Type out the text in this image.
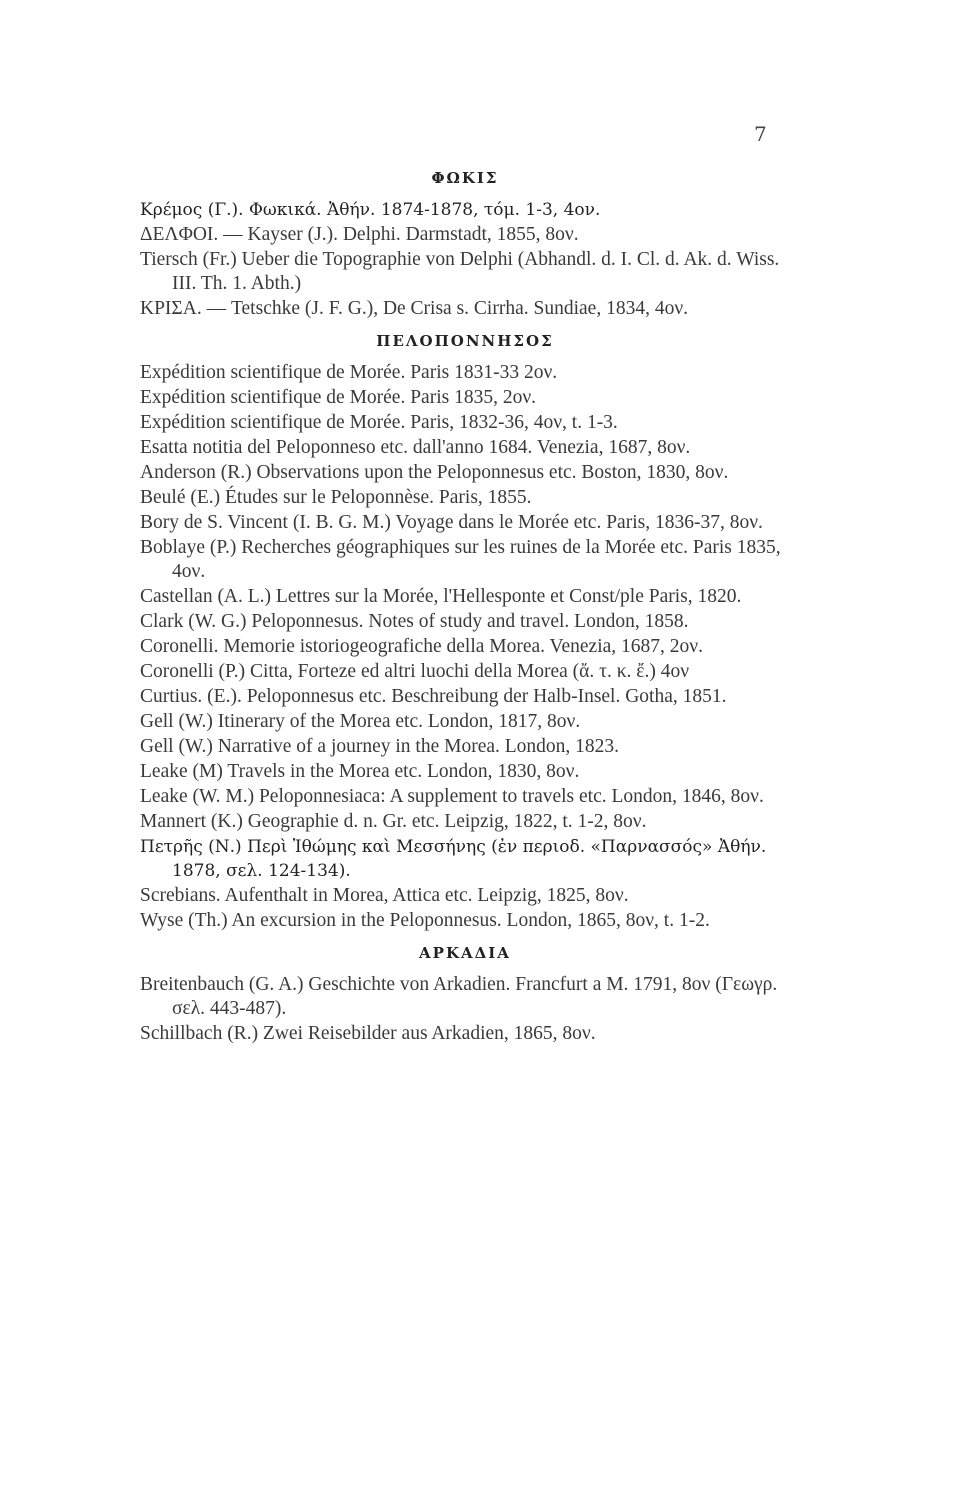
7
ΦΩΚΙΣ
Κρέμος (Γ.). Φωκικά. Ἀθήν. 1874-1878, τόμ. 1-3, 4ον.
ΔΕΛΦΟΙ. — Kayser (J.). Delphi. Darmstadt, 1855, 8ον.
Tiersch (Fr.) Ueber die Topographie von Delphi (Abhandl. d. I. Cl. d. Ak. d. Wiss. III. Th. 1. Abth.)
ΚΡΙΣΑ. — Tetschke (J. F. G.), De Crisa s. Cirrha. Sundiae, 1834, 4ον.
ΠΕΛΟΠΟΝΝΗΣΟΣ
Expédition scientifique de Morée. Paris 1831-33 2ον.
Expédition scientifique de Morée. Paris 1835, 2ον.
Expédition scientifique de Morée. Paris, 1832-36, 4ον, t. 1-3.
Esatta notitia del Peloponneso etc. dall'anno 1684. Venezia, 1687, 8ον.
Anderson (R.) Observations upon the Peloponnesus etc. Boston, 1830, 8ον.
Beulé (E.) Études sur le Peloponnèse. Paris, 1855.
Bory de S. Vincent (I. B. G. M.) Voyage dans le Morée etc. Paris, 1836-37, 8ον.
Boblaye (P.) Recherches géographiques sur les ruines de la Morée etc. Paris 1835, 4ον.
Castellan (A. L.) Lettres sur la Morée, l'Hellesponte et Const/ple Paris, 1820.
Clark (W. G.) Peloponnesus. Notes of study and travel. London, 1858.
Coronelli. Memorie istoriogeografiche della Morea. Venezia, 1687, 2ον.
Coronelli (P.) Citta, Forteze ed altri luochi della Morea (ἄ. τ. κ. ἔ.) 4ον
Curtius. (E.). Peloponnesus etc. Beschreibung der Halb-Insel. Gotha, 1851.
Gell (W.) Itinerary of the Morea etc. London, 1817, 8ον.
Gell (W.) Narrative of a journey in the Morea. London, 1823.
Leake (M) Travels in the Morea etc. London, 1830, 8ον.
Leake (W. M.) Peloponnesiaca: A supplement to travels etc. London, 1846, 8ον.
Mannert (K.) Geographie d. n. Gr. etc. Leipzig, 1822, t. 1-2, 8ον.
Πετρῆς (Ν.) Περὶ Ἰθώμης καὶ Μεσσήνης (ἐν περιοδ. «Παρνασσός» Ἀθήν. 1878, σελ. 124-134).
Screbians. Aufenthalt in Morea, Attica etc. Leipzig, 1825, 8ον.
Wyse (Th.) An excursion in the Peloponnesus. London, 1865, 8ον, t. 1-2.
ΑΡΚΑΔΙΑ
Breitenbauch (G. A.) Geschichte von Arkadien. Francfurt a M. 1791, 8ον (Γεωγρ. σελ. 443-487).
Schillbach (R.) Zwei Reisebilder aus Arkadien, 1865, 8ον.
